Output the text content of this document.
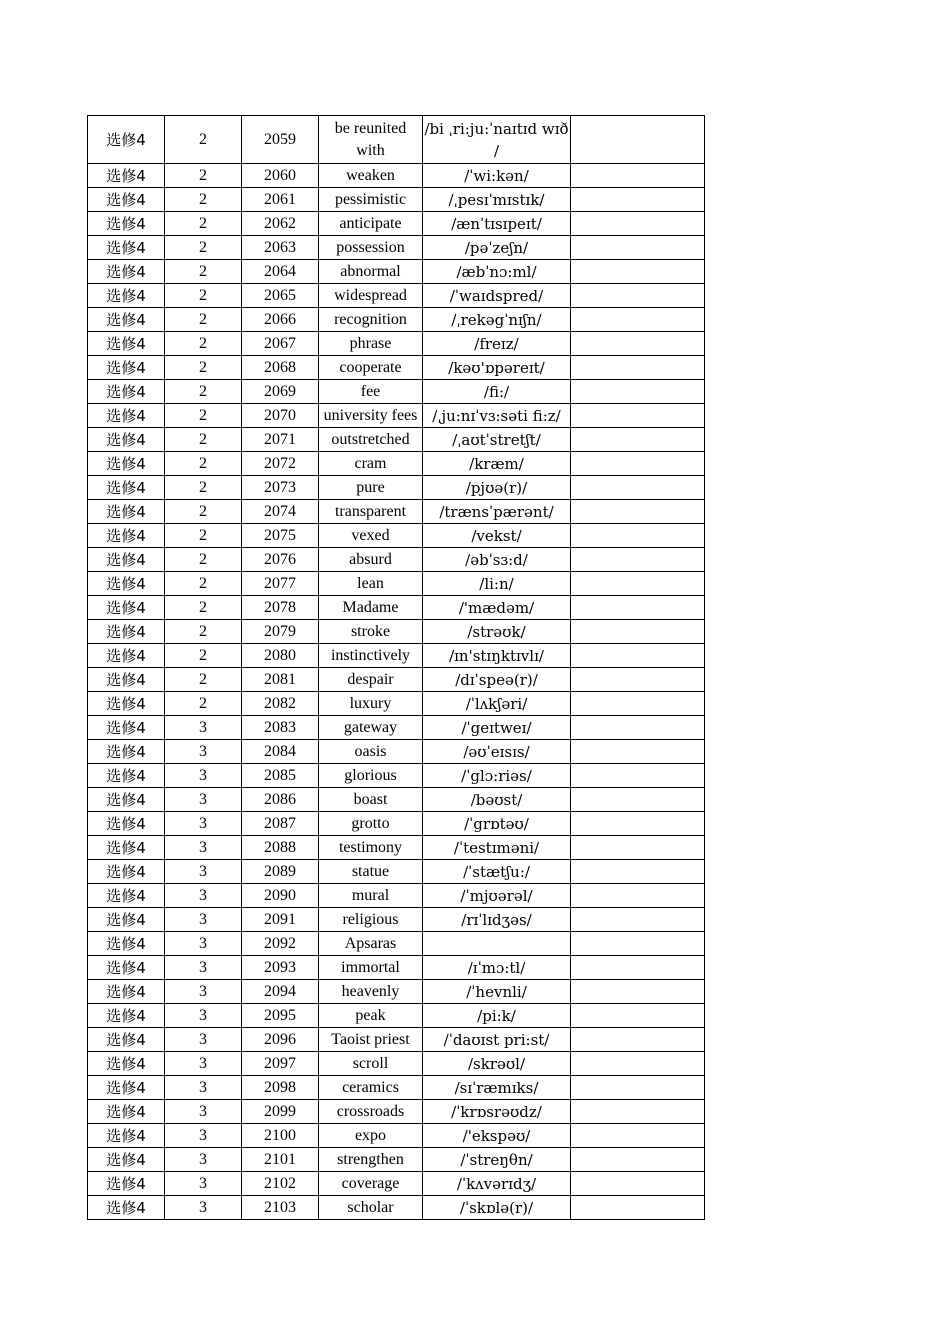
选修4	2	2059	be reunited with	/bi ˌri:ju:ˈnaɪtɪd wɪð /	
选修4	2	2060	weaken	/ˈwi:kən/	
选修4	2	2061	pessimistic	/ˌpesɪˈmɪstɪk/	
选修4	2	2062	anticipate	/ænˈtɪsɪpeɪt/	
选修4	2	2063	possession	/pəˈzeʃn/	
选修4	2	2064	abnormal	/æbˈnɔ:ml/	
选修4	2	2065	widespread	/ˈwaɪdspred/	
选修4	2	2066	recognition	/ˌrekəgˈnɪʃn/	
选修4	2	2067	phrase	/freɪz/	
选修4	2	2068	cooperate	/kəʊ'ɒpəreɪt/	
选修4	2	2069	fee	/fi:/	
选修4	2	2070	university fees	/ˌju:nɪˈvɜ:səti fi:z/	
选修4	2	2071	outstretched	/ˌaʊtˈstretʃt/	
选修4	2	2072	cram	/kræm/	
选修4	2	2073	pure	/pjʊə(r)/	
选修4	2	2074	transparent	/trænsˈpærənt/	
选修4	2	2075	vexed	/vekst/	
选修4	2	2076	absurd	/əbˈsɜ:d/	
选修4	2	2077	lean	/li:n/	
选修4	2	2078	Madame	/'mædəm/	
选修4	2	2079	stroke	/strəʊk/	
选修4	2	2080	instinctively	/ɪn'stɪŋktɪvlɪ/	
选修4	2	2081	despair	/dɪˈspeə(r)/	
选修4	2	2082	luxury	/ˈlʌkʃəri/	
选修4	3	2083	gateway	/ˈgeɪtweɪ/	
选修4	3	2084	oasis	/əʊˈeɪsɪs/	
选修4	3	2085	glorious	/ˈglɔ:riəs/	
选修4	3	2086	boast	/bəʊst/	
选修4	3	2087	grotto	/ˈgrɒtəʊ/	
选修4	3	2088	testimony	/ˈtestɪməni/	
选修4	3	2089	statue	/ˈstætʃu:/	
选修4	3	2090	mural	/ˈmjʊərəl/	
选修4	3	2091	religious	/rɪˈlɪdʒəs/	
选修4	3	2092	Apsaras		
选修4	3	2093	immortal	/ɪˈmɔ:tl/	
选修4	3	2094	heavenly	/ˈhevnli/	
选修4	3	2095	peak	/pi:k/	
选修4	3	2096	Taoist priest	/ˈdaʊɪst pri:st/	
选修4	3	2097	scroll	/skrəʊl/	
选修4	3	2098	ceramics	/sɪˈræmɪks/	
选修4	3	2099	crossroads	/ˈkrɒsrəʊdz/	
选修4	3	2100	expo	/'ekspəʊ/	
选修4	3	2101	strengthen	/ˈstreŋθn/	
选修4	3	2102	coverage	/ˈkʌvərɪdʒ/	
选修4	3	2103	scholar	/ˈskɒlə(r)/	
